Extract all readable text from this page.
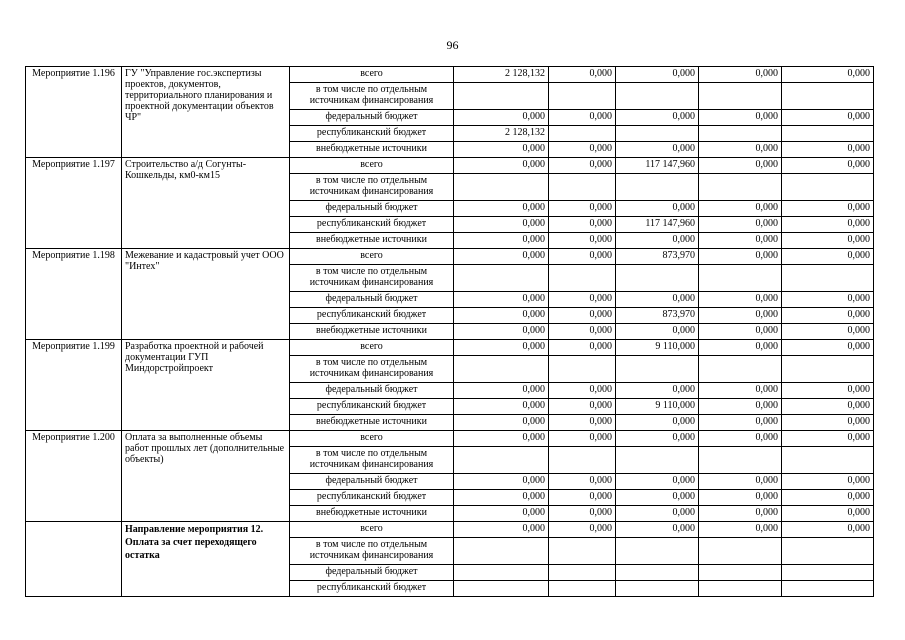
96
Мероприятие 1.196	ГУ "Управление гос.экспертизы проектов, документов, территориального планирования и проектной документации объектов ЧР"	всего	2 128,132	0,000	0,000	0,000	0,000
		в том числе по отдельным источникам финансирования					
		федеральный бюджет	0,000	0,000	0,000	0,000	0,000
		республиканский бюджет	2 128,132				
		внебюджетные источники	0,000	0,000	0,000	0,000	0,000
Мероприятие 1.197	Строительство а/д Согунты-Кошкельды, км0-км15	всего	0,000	0,000	117 147,960	0,000	0,000
		в том числе по отдельным источникам финансирования					
		федеральный бюджет	0,000	0,000	0,000	0,000	0,000
		республиканский бюджет	0,000	0,000	117 147,960	0,000	0,000
		внебюджетные источники	0,000	0,000	0,000	0,000	0,000
Мероприятие 1.198	Межевание и кадастровый учет ООО "Интех"	всего	0,000	0,000	873,970	0,000	0,000
		в том числе по отдельным источникам финансирования					
		федеральный бюджет	0,000	0,000	0,000	0,000	0,000
		республиканский бюджет	0,000	0,000	873,970	0,000	0,000
		внебюджетные источники	0,000	0,000	0,000	0,000	0,000
Мероприятие 1.199	Разработка проектной и рабочей документации ГУП Миндорстройпроект	всего	0,000	0,000	9 110,000	0,000	0,000
		в том числе по отдельным источникам финансирования					
		федеральный бюджет	0,000	0,000	0,000	0,000	0,000
		республиканский бюджет	0,000	0,000	9 110,000	0,000	0,000
		внебюджетные источники	0,000	0,000	0,000	0,000	0,000
Мероприятие 1.200	Оплата за выполненные объемы работ прошлых лет (дополнительные объекты)	всего	0,000	0,000	0,000	0,000	0,000
		в том числе по отдельным источникам финансирования					
		федеральный бюджет	0,000	0,000	0,000	0,000	0,000
		республиканский бюджет	0,000	0,000	0,000	0,000	0,000
		внебюджетные источники	0,000	0,000	0,000	0,000	0,000
	Направление мероприятия 12. Оплата за счет переходящего остатка	всего	0,000	0,000	0,000	0,000	0,000
		в том числе по отдельным источникам финансирования					
		федеральный бюджет					
		республиканский бюджет					
